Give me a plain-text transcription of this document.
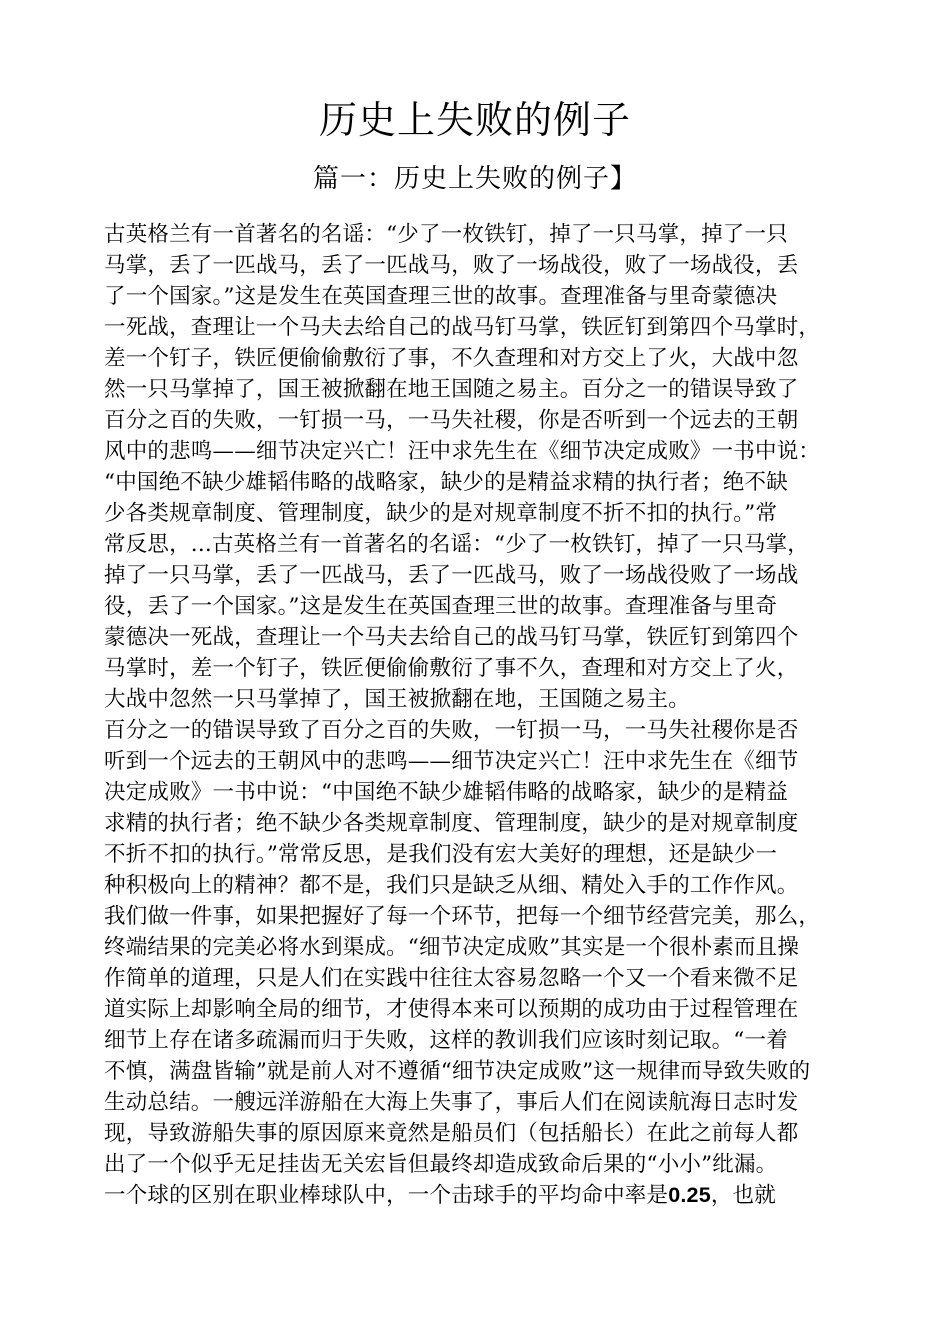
历史上失败的例子
篇一：历史上失败的例子】
古英格兰有一首著名的名谣：“少了一枚铁钉，掉了一只马掌，掉了一只
马掌，丢了一匹战马，丢了一匹战马，败了一场战役，败了一场战役，丢
了一个国家。”这是发生在英国查理三世的故事。查理准备与里奇蒙德决
一死战，查理让一个马夫去给自己的战马钉马掌，铁匠钉到第四个马掌时，
差一个钉子，铁匠便偷偷敷衍了事，不久查理和对方交上了火，大战中忽
然一只马掌掉了，国王被掀翻在地王国随之易主。百分之一的错误导致了
百分之百的失败，一钉损一马，一马失社稷，你是否听到一个远去的王朝
风中的悲鸣——细节决定兴亡！汪中求先生在《细节决定成败》一书中说：
“中国绝不缺少雄韬伟略的战略家，缺少的是精益求精的执行者；绝不缺
少各类规章制度、管理制度，缺少的是对规章制度不折不扣的执行。”常
常反思，...古英格兰有一首著名的名谣：“少了一枚铁钉，掉了一只马掌，
掉了一只马掌，丢了一匹战马，丢了一匹战马，败了一场战役败了一场战
役，丢了一个国家。”这是发生在英国查理三世的故事。查理准备与里奇
蒙德决一死战，查理让一个马夫去给自己的战马钉马掌，铁匠钉到第四个
马掌时，差一个钉子，铁匠便偷偷敷衍了事不久，查理和对方交上了火，
大战中忽然一只马掌掉了，国王被掀翻在地，王国随之易主。
百分之一的错误导致了百分之百的失败，一钉损一马，一马失社稷你是否
听到一个远去的王朝风中的悲鸣——细节决定兴亡！汪中求先生在《细节
决定成败》一书中说：“中国绝不缺少雄韬伟略的战略家，缺少的是精益
求精的执行者；绝不缺少各类规章制度、管理制度，缺少的是对规章制度
不折不扣的执行。”常常反思，是我们没有宏大美好的理想，还是缺少一
种积极向上的精神？都不是，我们只是缺乏从细、精处入手的工作作风。
我们做一件事，如果把握好了每一个环节，把每一个细节经营完美，那么，
终端结果的完美必将水到渠成。“细节决定成败”其实是一个很朴素而且操
作简单的道理，只是人们在实践中往往太容易忽略一个又一个看来微不足
道实际上却影响全局的细节，才使得本来可以预期的成功由于过程管理在
细节上存在诸多疏漏而归于失败，这样的教训我们应该时刻记取。“一着
不慎，满盘皆输”就是前人对不遵循“细节决定成败”这一规律而导致失败的
生动总结。一艘远洋游船在大海上失事了，事后人们在阅读航海日志时发
现，导致游船失事的原因原来竟然是船员们（包括船长）在此之前每人都
出了一个似乎无足挂齿无关宏旨但最终却造成致命后果的“小小”纰漏。
一个球的区别在职业棒球队中，一个击球手的平均命中率是0.25，也就
